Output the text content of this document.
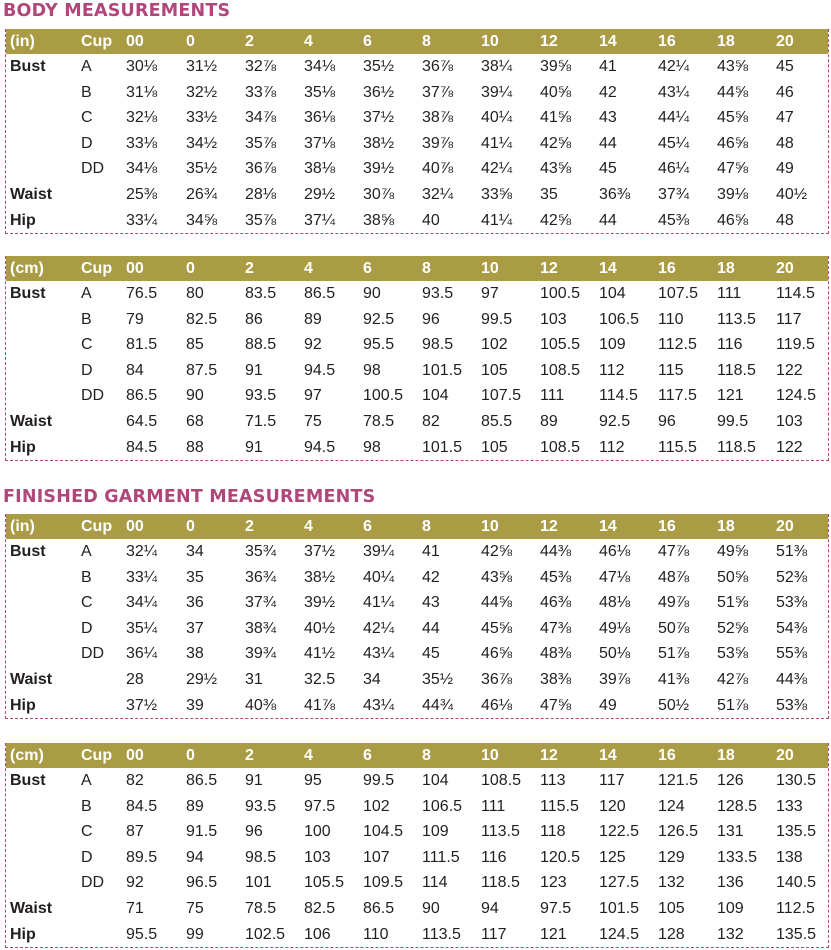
BODY MEASUREMENTS
(in)	Cup 00	0	2	4	6	8	10	12	14	16	18	20
Bust A 30⅛ 31½ 32⅞ 34⅛ 35½ 36⅞ 38¼ 39⅝ 41	42¼ 43⅝ 45
B 31⅛ 32½ 33⅞ 35⅛ 36½ 37⅞ 39¼ 40⅝ 42	43¼ 44⅝ 46
C 32⅛ 33½ 34⅞ 36⅛ 37½ 38⅞ 40¼ 41⅝ 43	44¼ 45⅝ 47
D 33⅛ 34½ 35⅞ 37⅛ 38½ 39⅞ 41¼ 42⅝ 44	45¼ 46⅝ 48
DD 34⅛ 35½ 36⅞ 38⅛ 39½ 40⅞ 42¼ 43⅝ 45	46¼ 47⅝ 49
Waist	25⅜ 26¾ 28⅛ 29½ 30⅞ 32¼ 33⅝ 35	36⅜ 37¾ 39⅛ 40½
Hip	33¼ 34⅝ 35⅞ 37¼ 38⅝ 40	41¼ 42⅝ 44	45⅜ 46⅝ 48
(cm) Cup 00	0	2	4	6	8	10	12	14	16	18	20
Bust A 76.5 80	83.5 86.5 90	93.5 97	100.5 104 107.5 111 114.5
B 79	82.5 86	89	92.5 96	99.5 103 106.5 110 113.5 117
C 81.5 85	88.5 92	95.5 98.5 102 105.5 109 112.5 116 119.5
D 84	87.5 91	94.5 98	101.5 105 108.5 112 115 118.5 122
DD 86.5 90	93.5 97	100.5 104 107.5 111 114.5 117.5 121 124.5
Waist	64.5 68	71.5 75	78.5 82	85.5 89	92.5 96	99.5 103
Hip	84.5 88	91	94.5 98	101.5 105 108.5 112 115.5 118.5 122
FINISHED GARMENT MEASUREMENTS
(in)	Cup 00	0	2	4	6	8	10	12	14	16	18	20
Bust A 32¼ 34	35¾ 37½ 39¼ 41	42⅝ 44⅜ 46⅛ 47⅞ 49⅝ 51⅜
B 33¼ 35	36¾ 38½ 40¼ 42	43⅝ 45⅜ 47⅛ 48⅞ 50⅝ 52⅜
C 34¼ 36	37¾ 39½ 41¼ 43	44⅝ 46⅜ 48⅛ 49⅞ 51⅝ 53⅜
D 35¼ 37	38¾ 40½ 42¼ 44	45⅝ 47⅜ 49⅛ 50⅞ 52⅝ 54⅜
DD 36¼ 38	39¾ 41½ 43¼ 45	46⅝ 48⅜ 50⅛ 51⅞ 53⅝ 55⅜
Waist	28	29½ 31	32.5 34	35½ 36⅞ 38⅜ 39⅞ 41⅜ 42⅞ 44⅜
Hip	37½ 39	40⅜ 41⅞ 43¼ 44¾ 46⅛ 47⅝ 49	50½ 51⅞ 53⅜
(cm) Cup 00	0	2	4	6	8	10	12	14	16	18	20
Bust A 82	86.5 91	95	99.5 104 108.5 113 117 121.5 126 130.5
B 84.5 89	93.5 97.5 102 106.5 111 115.5 120 124 128.5 133
C 87	91.5 96	100 104.5 109 113.5 118 122.5 126.5 131 135.5
D 89.5 94	98.5 103 107 111.5 116 120.5 125 129 133.5 138
DD 92	96.5 101 105.5 109.5 114 118.5 123 127.5 132 136 140.5
Waist	71	75	78.5 82.5 86.5 90	94	97.5 101.5 105 109 112.5
Hip	95.5 99	102.5 106 110 113.5 117 121 124.5 128 132 135.5
